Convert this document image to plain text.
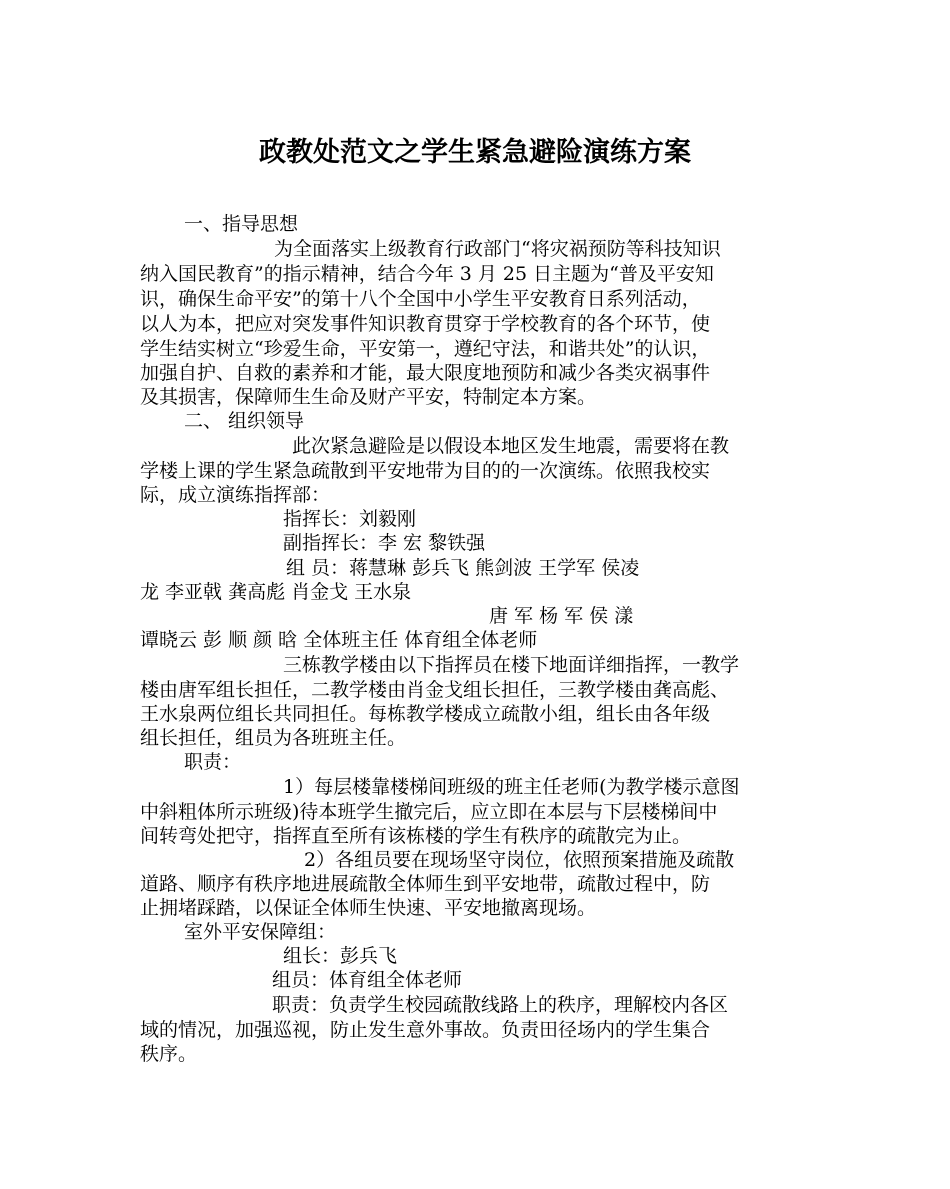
政教处范文之学生紧急避险演练方案
一、指导思想
为全面落实上级教育行政部门“将灾祸预防等科技知识
纳入国民教育”的指示精神，结合今年 3 月 25 日主题为“普及平安知
识，确保生命平安”的第十八个全国中小学生平安教育日系列活动，
以人为本，把应对突发事件知识教育贯穿于学校教育的各个环节，使
学生结实树立“珍爱生命，平安第一，遵纪守法，和谐共处”的认识，
加强自护、自救的素养和才能，最大限度地预防和减少各类灾祸事件
及其损害，保障师生生命及财产平安，特制定本方案。
二、 组织领导
此次紧急避险是以假设本地区发生地震，需要将在教
学楼上课的学生紧急疏散到平安地带为目的的一次演练。依照我校实
际，成立演练指挥部：
指挥长：刘毅刚
副指挥长：李 宏 黎铁强
组 员：蒋慧琳 彭兵飞 熊剑波 王学军 侯凌
龙 李亚戟 龚高彪 肖金戈 王水泉
唐 军 杨 军 侯 漾
谭晓云 彭 顺 颜 晗 全体班主任 体育组全体老师
三栋教学楼由以下指挥员在楼下地面详细指挥，一教学
楼由唐军组长担任，二教学楼由肖金戈组长担任，三教学楼由龚高彪、
王水泉两位组长共同担任。每栋教学楼成立疏散小组，组长由各年级
组长担任，组员为各班班主任。
职责：
1）每层楼靠楼梯间班级的班主任老师(为教学楼示意图
中斜粗体所示班级)待本班学生撤完后，应立即在本层与下层楼梯间中
间转弯处把守，指挥直至所有该栋楼的学生有秩序的疏散完为止。
2）各组员要在现场坚守岗位，依照预案措施及疏散
道路、顺序有秩序地进展疏散全体师生到平安地带，疏散过程中，防
止拥堵踩踏，以保证全体师生快速、平安地撤离现场。
室外平安保障组：
组长：彭兵飞
组员：体育组全体老师
职责：负责学生校园疏散线路上的秩序，理解校内各区
域的情况，加强巡视，防止发生意外事故。负责田径场内的学生集合
秩序。
